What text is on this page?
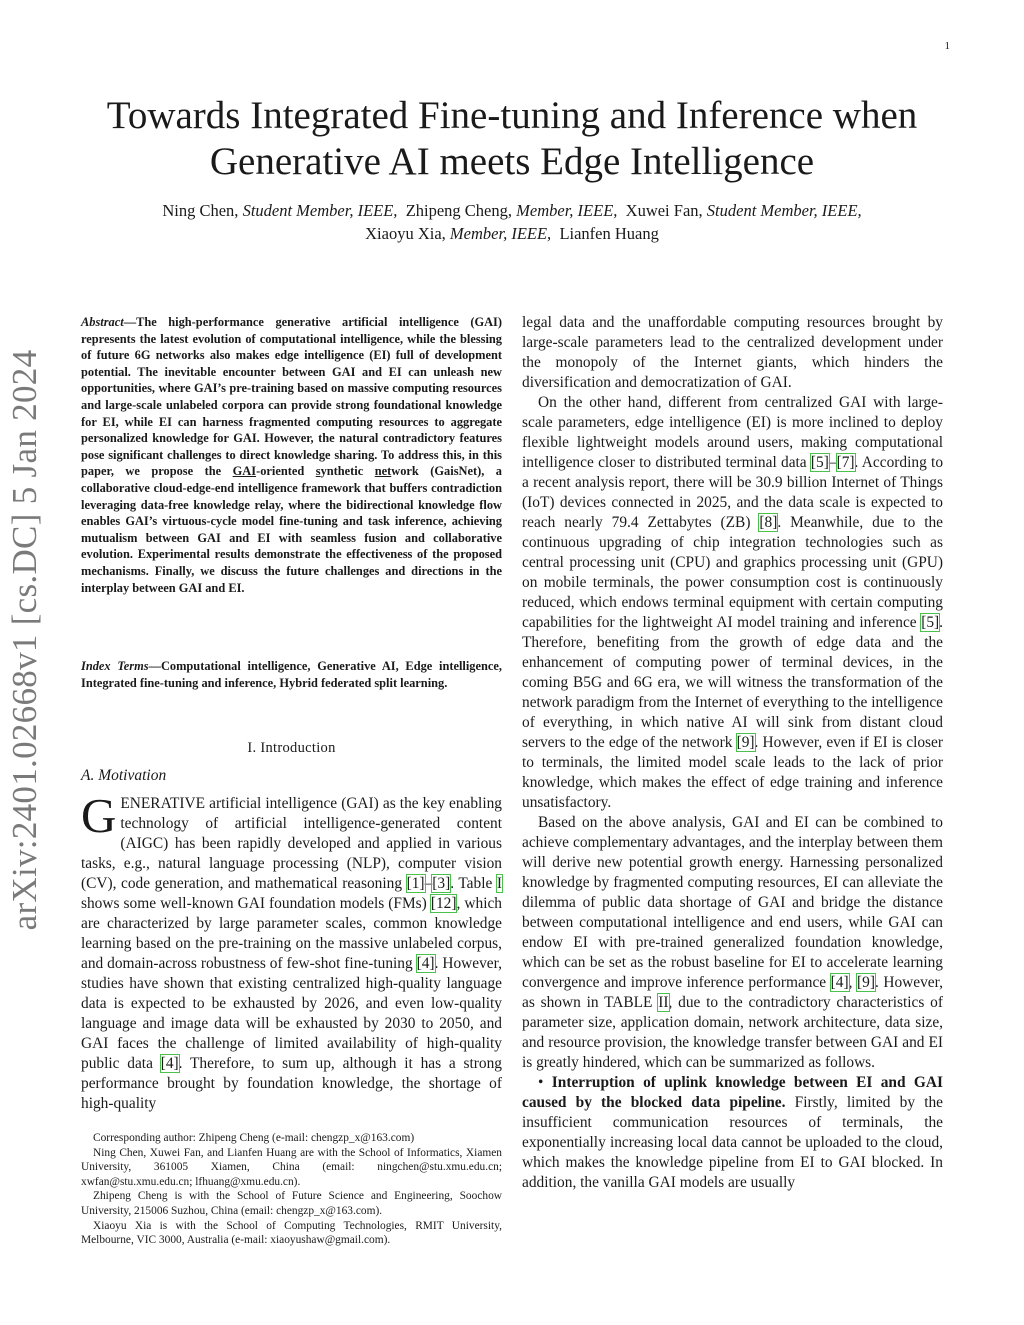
1
arXiv:2401.02668v1 [cs.DC] 5 Jan 2024
Towards Integrated Fine-tuning and Inference when
Generative AI meets Edge Intelligence
Ning Chen, Student Member, IEEE, Zhipeng Cheng, Member, IEEE, Xuwei Fan, Student Member, IEEE,
Xiaoyu Xia, Member, IEEE, Lianfen Huang
Abstract—The high-performance generative artificial intelligence (GAI) represents the latest evolution of computational intelligence, while the blessing of future 6G networks also makes edge intelligence (EI) full of development potential. The inevitable encounter between GAI and EI can unleash new opportunities, where GAI’s pre-training based on massive computing resources and large-scale unlabeled corpora can provide strong foundational knowledge for EI, while EI can harness fragmented computing resources to aggregate personalized knowledge for GAI. However, the natural contradictory features pose significant challenges to direct knowledge sharing. To address this, in this paper, we propose the GAI-oriented synthetic network (GaisNet), a collaborative cloud-edge-end intelligence framework that buffers contradiction leveraging data-free knowledge relay, where the bidirectional knowledge flow enables GAI’s virtuous-cycle model fine-tuning and task inference, achieving mutualism between GAI and EI with seamless fusion and collaborative evolution. Experimental results demonstrate the effectiveness of the proposed mechanisms. Finally, we discuss the future challenges and directions in the interplay between GAI and EI.
Index Terms—Computational intelligence, Generative AI, Edge intelligence, Integrated fine-tuning and inference, Hybrid federated split learning.
I. Introduction
A. Motivation
GENERATIVE artificial intelligence (GAI) as the key enabling technology of artificial intelligence-generated content (AIGC) has been rapidly developed and applied in various tasks, e.g., natural language processing (NLP), computer vision (CV), code generation, and mathematical reasoning [1]–[3]. Table I shows some well-known GAI foundation models (FMs) [12], which are characterized by large parameter scales, common knowledge learning based on the pre-training on the massive unlabeled corpus, and domain-across robustness of few-shot fine-tuning [4]. However, studies have shown that existing centralized high-quality language data is expected to be exhausted by 2026, and even low-quality language and image data will be exhausted by 2030 to 2050, and GAI faces the challenge of limited availability of high-quality public data [4]. Therefore, to sum up, although it has a strong performance brought by foundation knowledge, the shortage of high-quality

Corresponding author: Zhipeng Cheng (e-mail: chengzp_x@163.com)

Ning Chen, Xuwei Fan, and Lianfen Huang are with the School of Informatics, Xiamen University, 361005 Xiamen, China (email: ningchen@stu.xmu.edu.cn; xwfan@stu.xmu.edu.cn; lfhuang@xmu.edu.cn).

Zhipeng Cheng is with the School of Future Science and Engineering, Soochow University, 215006 Suzhou, China (email: chengzp_x@163.com).

Xiaoyu Xia is with the School of Computing Technologies, RMIT University, Melbourne, VIC 3000, Australia (e-mail: xiaoyushaw@gmail.com).

legal data and the unaffordable computing resources brought by large-scale parameters lead to the centralized development under the monopoly of the Internet giants, which hinders the diversification and democratization of GAI.

On the other hand, different from centralized GAI with large-scale parameters, edge intelligence (EI) is more inclined to deploy flexible lightweight models around users, making computational intelligence closer to distributed terminal data [5]–[7]. According to a recent analysis report, there will be 30.9 billion Internet of Things (IoT) devices connected in 2025, and the data scale is expected to reach nearly 79.4 Zettabytes (ZB) [8]. Meanwhile, due to the continuous upgrading of chip integration technologies such as central processing unit (CPU) and graphics processing unit (GPU) on mobile terminals, the power consumption cost is continuously reduced, which endows terminal equipment with certain computing capabilities for the lightweight AI model training and inference [5]. Therefore, benefiting from the growth of edge data and the enhancement of computing power of terminal devices, in the coming B5G and 6G era, we will witness the transformation of the network paradigm from the Internet of everything to the intelligence of everything, in which native AI will sink from distant cloud servers to the edge of the network [9]. However, even if EI is closer to terminals, the limited model scale leads to the lack of prior knowledge, which makes the effect of edge training and inference unsatisfactory.

Based on the above analysis, GAI and EI can be combined to achieve complementary advantages, and the interplay between them will derive new potential growth energy. Harnessing personalized knowledge by fragmented computing resources, EI can alleviate the dilemma of public data shortage of GAI and bridge the distance between computational intelligence and end users, while GAI can endow EI with pre-trained generalized foundation knowledge, which can be set as the robust baseline for EI to accelerate learning convergence and improve inference performance [4], [9]. However, as shown in TABLE II, due to the contradictory characteristics of parameter size, application domain, network architecture, data size, and resource provision, the knowledge transfer between GAI and EI is greatly hindered, which can be summarized as follows.

• Interruption of uplink knowledge between EI and GAI caused by the blocked data pipeline. Firstly, limited by the insufficient communication resources of terminals, the exponentially increasing local data cannot be uploaded to the cloud, which makes the knowledge pipeline from EI to GAI blocked. In addition, the vanilla GAI models are usually
